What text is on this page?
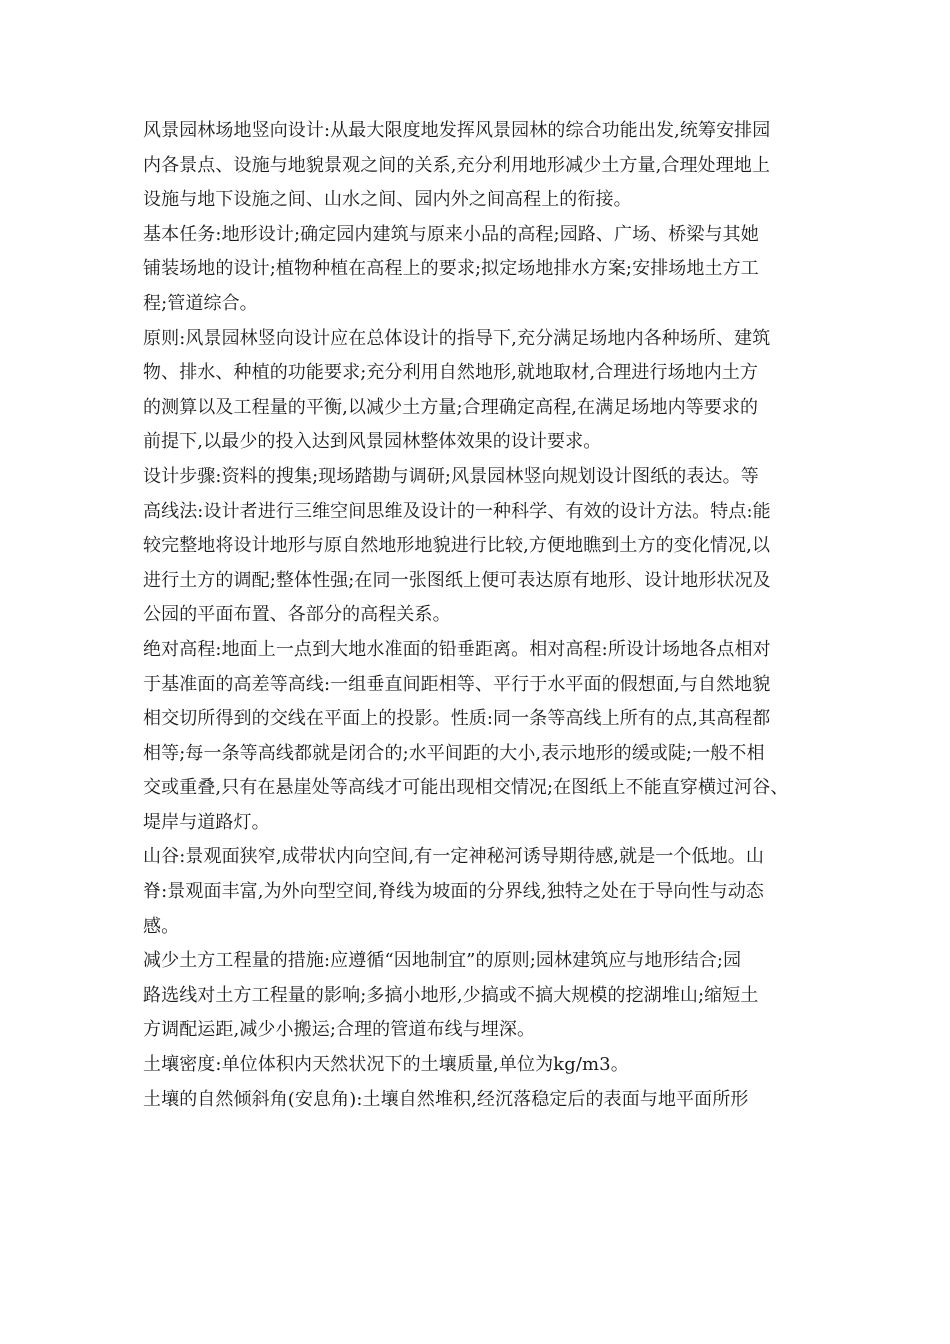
风景园林场地竖向设计:从最大限度地发挥风景园林的综合功能出发,统筹安排园
内各景点、设施与地貌景观之间的关系,充分利用地形减少土方量,合理处理地上
设施与地下设施之间、山水之间、园内外之间高程上的衔接。
基本任务:地形设计;确定园内建筑与原来小品的高程;园路、广场、桥梁与其她
铺装场地的设计;植物种植在高程上的要求;拟定场地排水方案;安排场地土方工
程;管道综合。
原则:风景园林竖向设计应在总体设计的指导下,充分满足场地内各种场所、建筑
物、排水、种植的功能要求;充分利用自然地形,就地取材,合理进行场地内土方
的测算以及工程量的平衡,以减少土方量;合理确定高程,在满足场地内等要求的
前提下,以最少的投入达到风景园林整体效果的设计要求。
设计步骤:资料的搜集;现场踏勘与调研;风景园林竖向规划设计图纸的表达。等
高线法:设计者进行三维空间思维及设计的一种科学、有效的设计方法。特点:能
较完整地将设计地形与原自然地形地貌进行比较,方便地瞧到土方的变化情况,以
进行土方的调配;整体性强;在同一张图纸上便可表达原有地形、设计地形状况及
公园的平面布置、各部分的高程关系。
绝对高程:地面上一点到大地水准面的铅垂距离。相对高程:所设计场地各点相对
于基准面的高差等高线:一组垂直间距相等、平行于水平面的假想面,与自然地貌
相交切所得到的交线在平面上的投影。性质:同一条等高线上所有的点,其高程都
相等;每一条等高线都就是闭合的;水平间距的大小,表示地形的缓或陡;一般不相
交或重叠,只有在悬崖处等高线才可能出现相交情况;在图纸上不能直穿横过河谷、
堤岸与道路灯。
山谷:景观面狭窄,成带状内向空间,有一定神秘河诱导期待感,就是一个低地。山
脊:景观面丰富,为外向型空间,脊线为坡面的分界线,独特之处在于导向性与动态
感。
减少土方工程量的措施:应遵循“因地制宜”的原则;园林建筑应与地形结合;园
路选线对土方工程量的影响;多搞小地形,少搞或不搞大规模的挖湖堆山;缩短土
方调配运距,减少小搬运;合理的管道布线与埋深。
土壤密度:单位体积内天然状况下的土壤质量,单位为kg/m3。
土壤的自然倾斜角(安息角):土壤自然堆积,经沉落稳定后的表面与地平面所形
